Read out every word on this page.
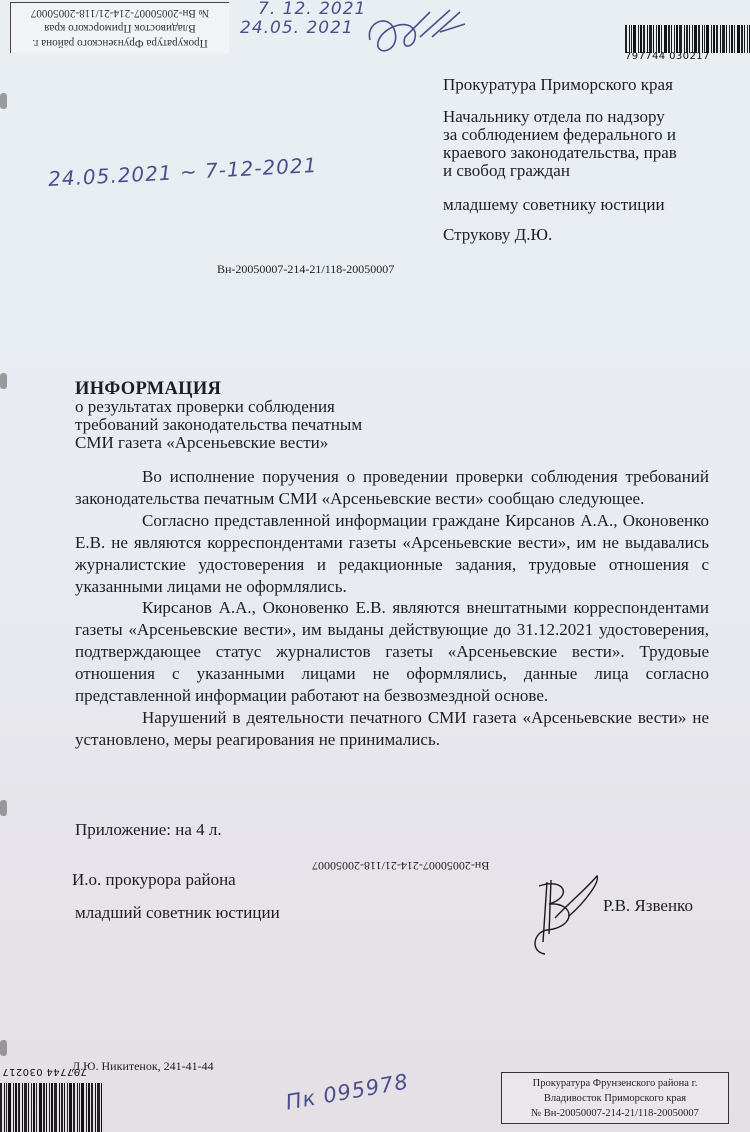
Прокуратура Фрунзенского района г.
Владивосток Приморского края
№ Вн-20050007-214-21/118-20050007	7. 12. 2021
24.05. 2021
797744 030217
Прокуратура Приморского края
Начальнику отдела по надзору
за соблюдением федерального и
краевого законодательства, прав
и свобод граждан
младшему советнику юстиции
Струкову Д.Ю.
24.05.2021 ~ 7-12-2021
Вн-20050007-214-21/118-20050007
ИНФОРМАЦИЯ
о результатах проверки соблюдения
требований законодательства печатным
СМИ газета «Арсеньевские вести»

Во исполнение поручения о проведении проверки соблюдения требований законодательства печатным СМИ «Арсеньевские вести» сообщаю следующее.

Согласно представленной информации граждане Кирсанов А.А., Оконовенко Е.В. не являются корреспондентами газеты «Арсеньевские вести», им не выдавались журналистские удостоверения и редакционные задания, трудовые отношения с указанными лицами не оформлялись.

Кирсанов А.А., Оконовенко Е.В. являются внештатными корреспондентами газеты «Арсеньевские вести», им выданы действующие до 31.12.2021 удостоверения, подтверждающее статус журналистов газеты «Арсеньевские вести». Трудовые отношения с указанными лицами не оформлялись, данные лица согласно представленной информации работают на безвозмездной основе.

Нарушений в деятельности печатного СМИ газета «Арсеньевские вести» не установлено, меры реагирования не принимались.

Приложение: на 4 л.
Вн-20050007-214-21/118-20050007
И.о. прокурора района
младший советник юстиции	Р.В. Язвенко
Д.Ю. Никитенок, 241-41-44
797744 030217	Пк 095978	Прокуратура Фрунзенского района г.
Владивосток Приморского края
№ Вн-20050007-214-21/118-20050007
